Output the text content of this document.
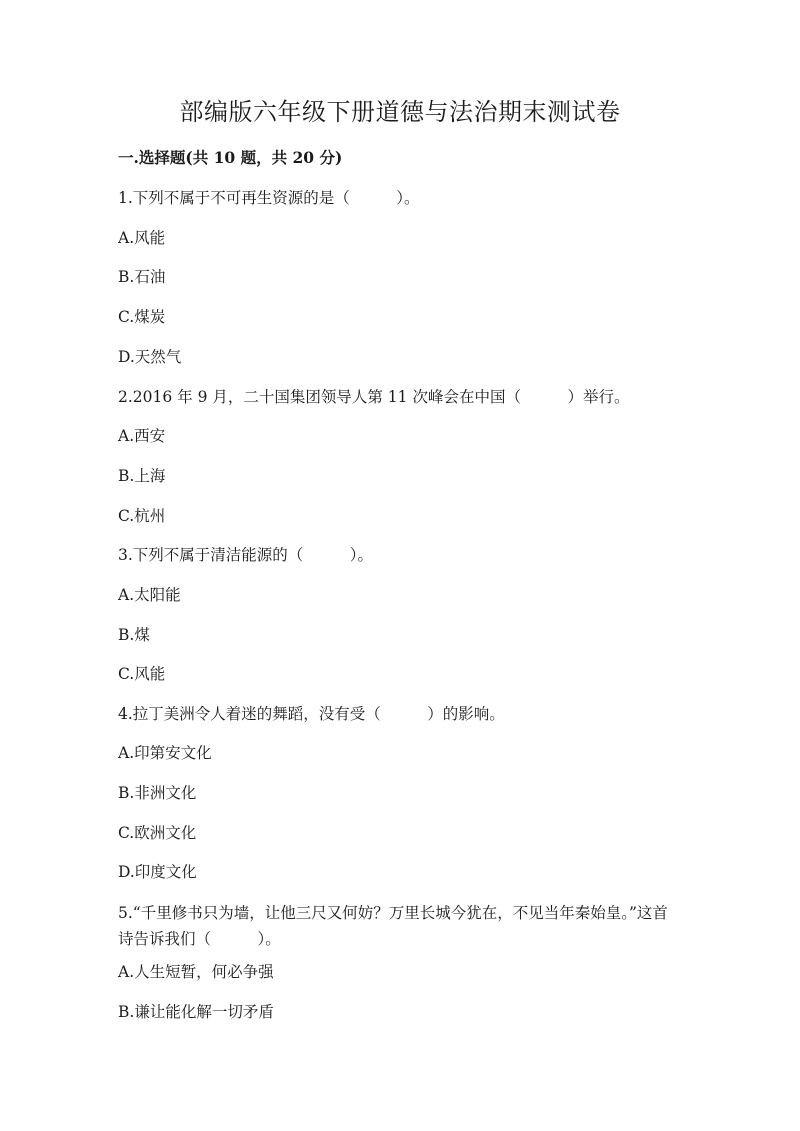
部编版六年级下册道德与法治期末测试卷
一.选择题(共 10 题，共 20 分)
1.下列不属于不可再生资源的是（　　　）。
A.风能
B.石油
C.煤炭
D.天然气
2.2016 年 9 月，二十国集团领导人第 11 次峰会在中国（　　　）举行。
A.西安
B.上海
C.杭州
3.下列不属于清洁能源的（　　　）。
A.太阳能
B.煤
C.风能
4.拉丁美洲令人着迷的舞蹈，没有受（　　　）的影响。
A.印第安文化
B.非洲文化
C.欧洲文化
D.印度文化
5.“千里修书只为墙，让他三尺又何妨？万里长城今犹在，不见当年秦始皇。”这首诗告诉我们（　　　）。
A.人生短暂，何必争强
B.谦让能化解一切矛盾
